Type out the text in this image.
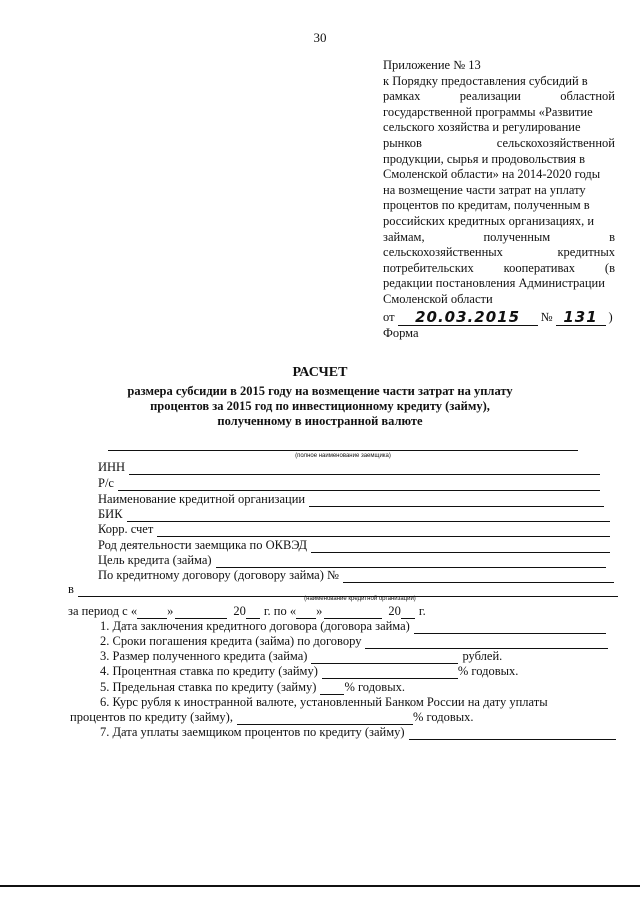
30
Приложение № 13
к Порядку предоставления субсидий в
рамках	реализации	областной
государственной программы «Развитие
сельского хозяйства и регулирование
рынков	сельскохозяйственной
продукции, сырья и продовольствия в
Смоленской области» на 2014-2020 годы
на возмещение части затрат на уплату
процентов по кредитам, полученным в
российских кредитных организациях, и
займам,	полученным	в
сельскохозяйственных	кредитных
потребительских кооперативах (в
редакции постановления Администрации
Смоленской области
от	20.03.2015	№ 131 )
Форма
РАСЧЕТ
размера субсидии в 2015 году на возмещение части затрат на уплату
процентов за 2015 год по инвестиционному кредиту (займу),
полученному в иностранной валюте
(полное наименование заемщика)
ИНН
Р/с
Наименование кредитной организации
БИК
Корр. счет
Род деятельности заемщика по ОКВЭД
Цель кредита (займа)
По кредитному договору (договору займа) №
в
(наименование кредитной организации)
за период с « »	20 г. по « »	20 г.
1. Дата заключения кредитного договора (договора займа)
2. Сроки погашения кредита (займа) по договору
3. Размер полученного кредита (займа)	рублей.
4. Процентная ставка по кредиту (займу)	% годовых.
5. Предельная ставка по кредиту (займу) % годовых.
6. Курс рубля к иностранной валюте, установленный Банком России на дату уплаты
процентов по кредиту (займу),	% годовых.
7. Дата уплаты заемщиком процентов по кредиту (займу)
